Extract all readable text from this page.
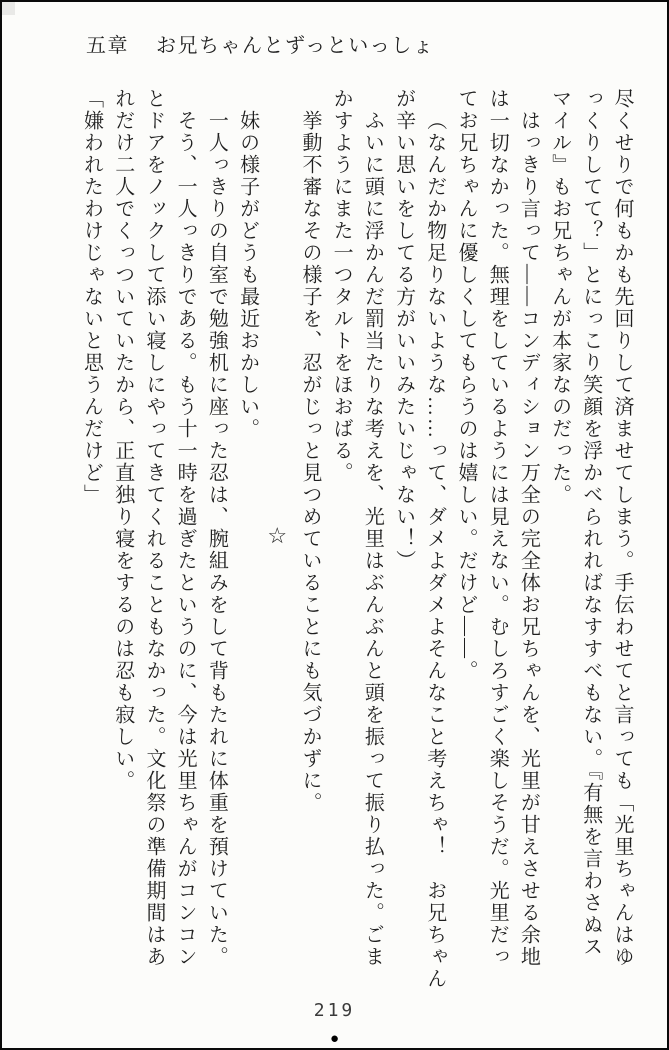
五章 お兄ちゃんとずっといっしょ
尽くせりで何もかも先回りして済ませてしまう。手伝わせてと言っても「光里ちゃんはゆ
っくりしてて？」とにっこり笑顔を浮かべられればなすすべもない。『有無を言わさぬス
マイル』もお兄ちゃんが本家なのだった。
はっきり言って――コンディション万全の完全体お兄ちゃんを、光里が甘えさせる余地
は一切なかった。無理をしているようには見えない。むしろすごく楽しそうだ。光里だっ
てお兄ちゃんに優しくしてもらうのは嬉しい。だけど――。
（なんだか物足りないような……って、ダメよダメよそんなこと考えちゃ！　お兄ちゃん
が辛い思いをしてる方がいいみたいじゃない！）
ふいに頭に浮かんだ罰当たりな考えを、光里はぶんぶんと頭を振って振り払った。ごま
かすようにまた一つタルトをほおばる。
挙動不審なその様子を、忍がじっと見つめていることにも気づかずに。
☆
妹の様子がどうも最近おかしい。
一人っきりの自室で勉強机に座った忍は、腕組みをして背もたれに体重を預けていた。
そう、一人っきりである。もう十一時を過ぎたというのに、今は光里ちゃんがコンコン
とドアをノックして添い寝しにやってきてくれることもなかった。文化祭の準備期間はあ
れだけ二人でくっついていたから、正直独り寝をするのは忍も寂しい。
「嫌われたわけじゃないと思うんだけど」
219
●
